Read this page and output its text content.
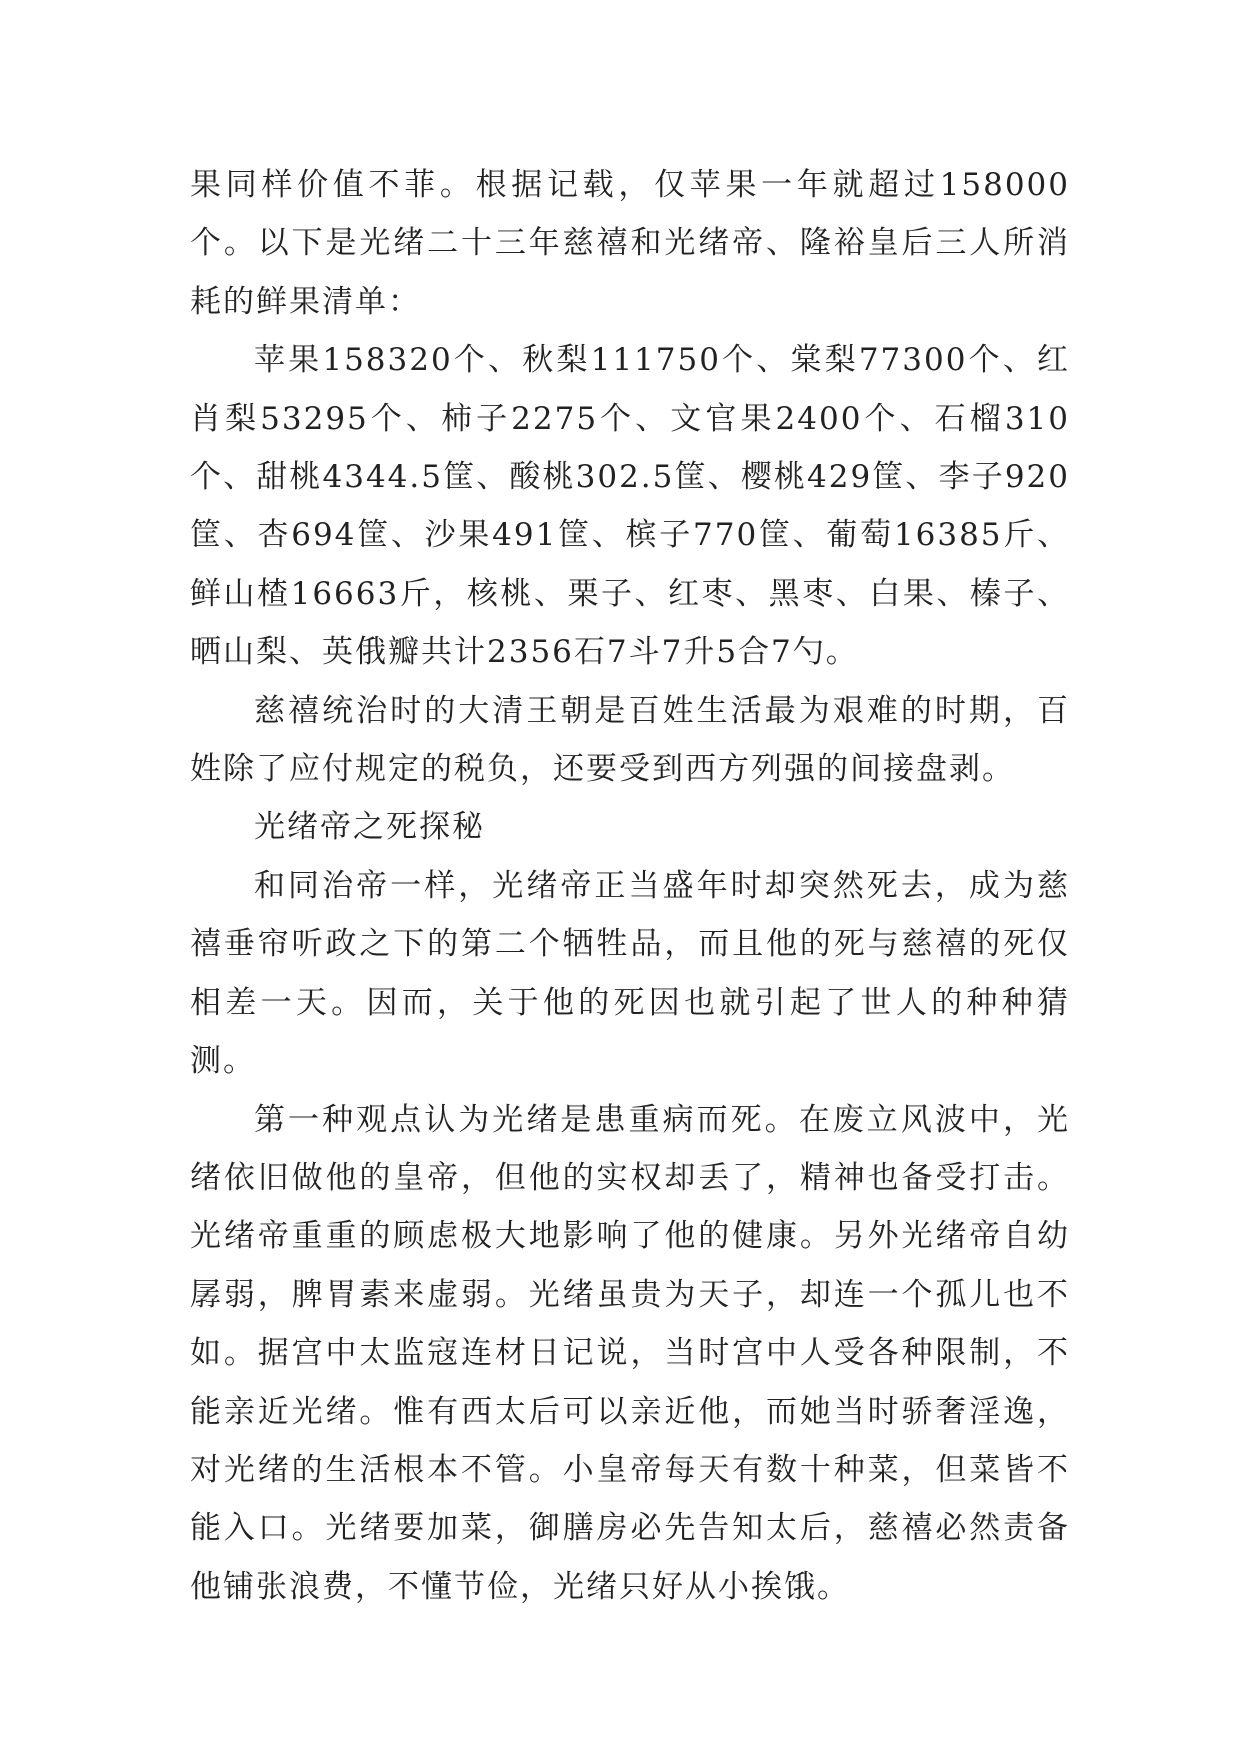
果同样价值不菲。根据记载，仅苹果一年就超过158000个。以下是光绪二十三年慈禧和光绪帝、隆裕皇后三人所消耗的鲜果清单：

苹果158320个、秋梨111750个、棠梨77300个、红肖梨53295个、柿子2275个、文官果2400个、石榴310个、甜桃4344.5筐、酸桃302.5筐、樱桃429筐、李子920筐、杏694筐、沙果491筐、槟子770筐、葡萄16385斤、鲜山楂16663斤，核桃、栗子、红枣、黑枣、白果、榛子、晒山梨、英俄瓣共计2356石7斗7升5合7勺。

慈禧统治时的大清王朝是百姓生活最为艰难的时期，百姓除了应付规定的税负，还要受到西方列强的间接盘剥。

光绪帝之死探秘

和同治帝一样，光绪帝正当盛年时却突然死去，成为慈禧垂帘听政之下的第二个牺牲品，而且他的死与慈禧的死仅相差一天。因而，关于他的死因也就引起了世人的种种猜测。

第一种观点认为光绪是患重病而死。在废立风波中，光绪依旧做他的皇帝，但他的实权却丢了，精神也备受打击。光绪帝重重的顾虑极大地影响了他的健康。另外光绪帝自幼孱弱，脾胃素来虚弱。光绪虽贵为天子，却连一个孤儿也不如。据宫中太监寇连材日记说，当时宫中人受各种限制，不能亲近光绪。惟有西太后可以亲近他，而她当时骄奢淫逸，对光绪的生活根本不管。小皇帝每天有数十种菜，但菜皆不能入口。光绪要加菜，御膳房必先告知太后，慈禧必然责备他铺张浪费，不懂节俭，光绪只好从小挨饿。
